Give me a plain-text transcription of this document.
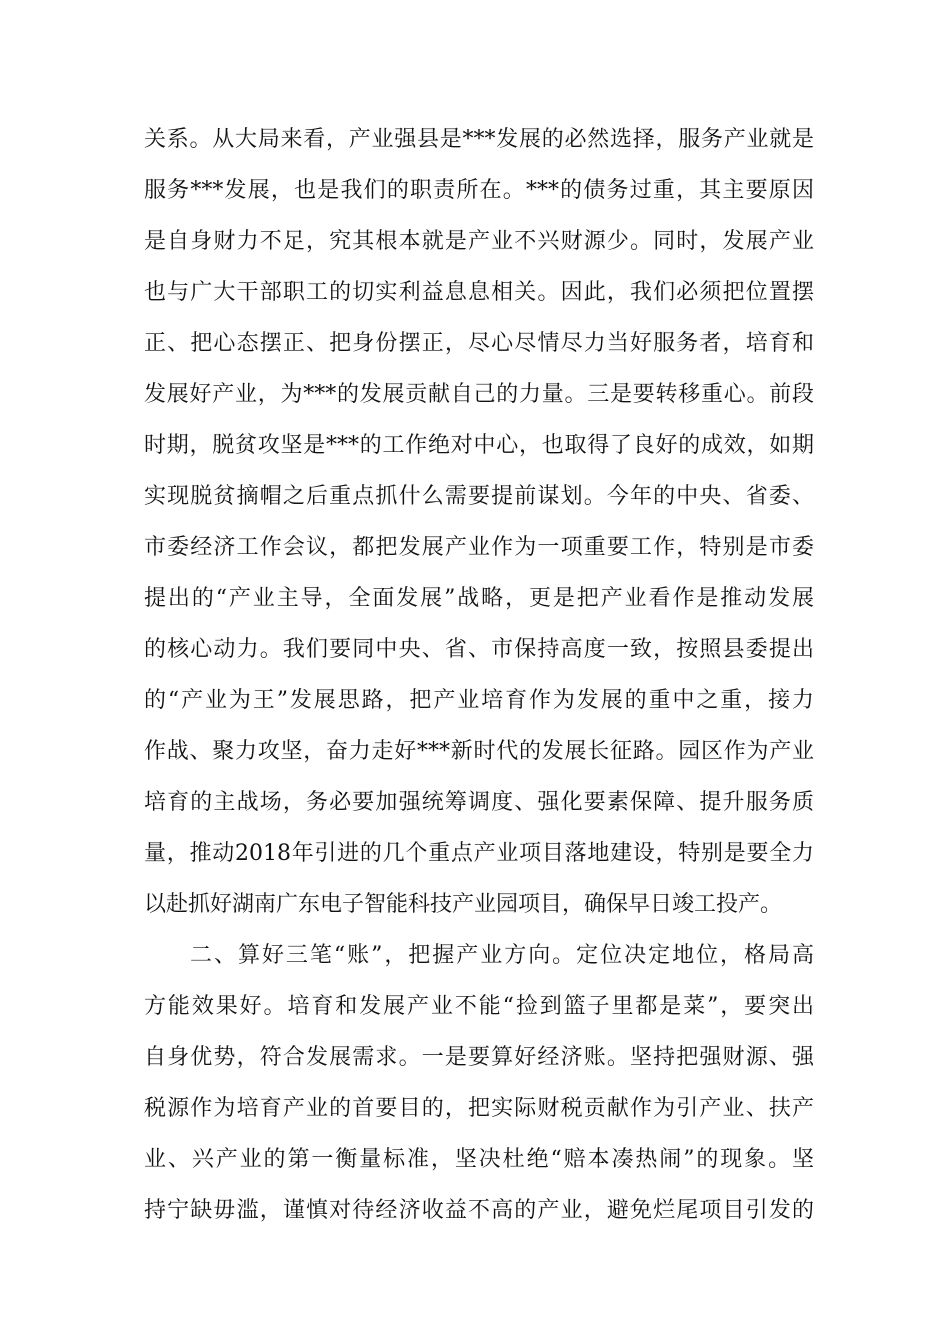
关系。从大局来看，产业强县是***发展的必然选择，服务产业就是
服务***发展，也是我们的职责所在。***的债务过重，其主要原因
是自身财力不足，究其根本就是产业不兴财源少。同时，发展产业
也与广大干部职工的切实利益息息相关。因此，我们必须把位置摆
正、把心态摆正、把身份摆正，尽心尽情尽力当好服务者，培育和
发展好产业，为***的发展贡献自己的力量。三是要转移重心。前段
时期，脱贫攻坚是***的工作绝对中心，也取得了良好的成效，如期
实现脱贫摘帽之后重点抓什么需要提前谋划。今年的中央、省委、
市委经济工作会议，都把发展产业作为一项重要工作，特别是市委
提出的“产业主导，全面发展”战略，更是把产业看作是推动发展
的核心动力。我们要同中央、省、市保持高度一致，按照县委提出
的“产业为王”发展思路，把产业培育作为发展的重中之重，接力
作战、聚力攻坚，奋力走好***新时代的发展长征路。园区作为产业
培育的主战场，务必要加强统筹调度、强化要素保障、提升服务质
量，推动2018年引进的几个重点产业项目落地建设，特别是要全力
以赴抓好湖南广东电子智能科技产业园项目，确保早日竣工投产。
二、算好三笔“账”，把握产业方向。定位决定地位，格局高
方能效果好。培育和发展产业不能“捡到篮子里都是菜”，要突出
自身优势，符合发展需求。一是要算好经济账。坚持把强财源、强
税源作为培育产业的首要目的，把实际财税贡献作为引产业、扶产
业、兴产业的第一衡量标准，坚决杜绝“赔本凑热闹”的现象。坚
持宁缺毋滥，谨慎对待经济收益不高的产业，避免烂尾项目引发的
